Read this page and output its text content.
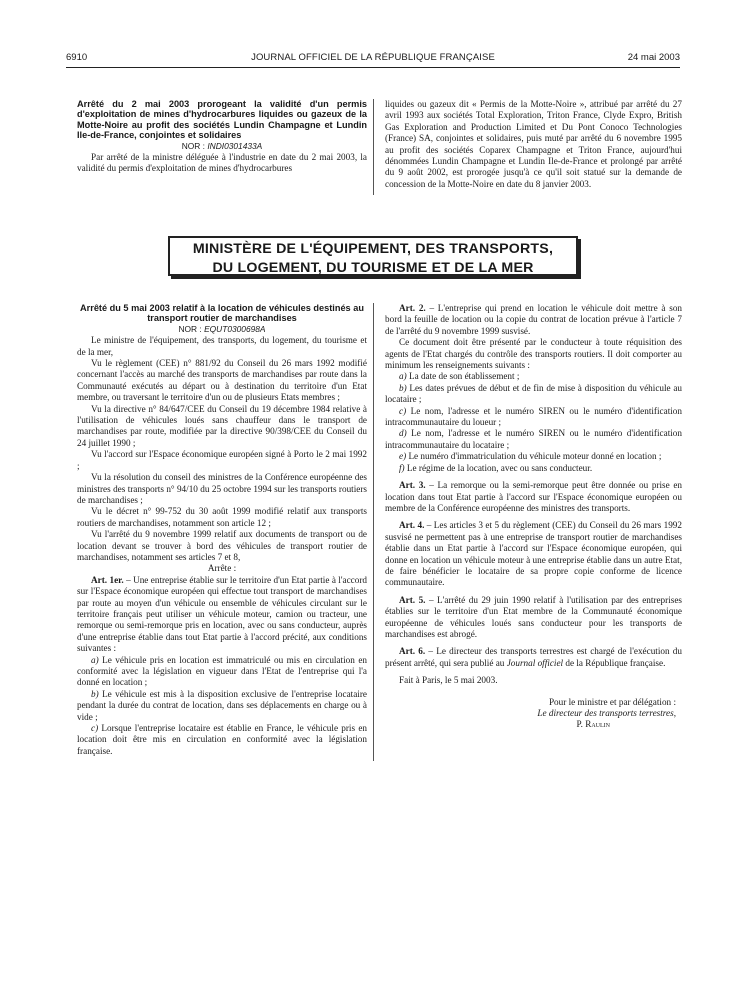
6910	JOURNAL OFFICIEL DE LA RÉPUBLIQUE FRANÇAISE	24 mai 2003

Arrêté du 2 mai 2003 prorogeant la validité d'un permis d'exploitation de mines d'hydrocarbures liquides ou gazeux de la Motte-Noire au profit des sociétés Lundin Champagne et Lundin Ile-de-France, conjointes et solidaires

NOR : INDI0301433A

Par arrêté de la ministre déléguée à l'industrie en date du 2 mai 2003, la validité du permis d'exploitation de mines d'hydrocarbures

liquides ou gazeux dit « Permis de la Motte-Noire », attribué par arrêté du 27 avril 1993 aux sociétés Total Exploration, Triton France, Clyde Expro, British Gas Exploration and Production Limited et Du Pont Conoco Technologies (France) SA, conjointes et solidaires, puis muté par arrêté du 6 novembre 1995 au profit des sociétés Coparex Champagne et Triton France, aujourd'hui dénommées Lundin Champagne et Lundin Ile-de-France et prolongé par arrêté du 9 août 2002, est prorogée jusqu'à ce qu'il soit statué sur la demande de concession de la Motte-Noire en date du 8 janvier 2003.

MINISTÈRE DE L'ÉQUIPEMENT, DES TRANSPORTS,
DU LOGEMENT, DU TOURISME ET DE LA MER

Arrêté du 5 mai 2003 relatif à la location de véhicules destinés au transport routier de marchandises

NOR : EQUT0300698A

Le ministre de l'équipement, des transports, du logement, du tourisme et de la mer,

Vu le règlement (CEE) n° 881/92 du Conseil du 26 mars 1992 modifié concernant l'accès au marché des transports de marchandises par route dans la Communauté exécutés au départ ou à destination du territoire d'un Etat membre, ou traversant le territoire d'un ou de plusieurs Etats membres ;

Vu la directive n° 84/647/CEE du Conseil du 19 décembre 1984 relative à l'utilisation de véhicules loués sans chauffeur dans le transport de marchandises par route, modifiée par la directive 90/398/CEE du Conseil du 24 juillet 1990 ;

Vu l'accord sur l'Espace économique européen signé à Porto le 2 mai 1992 ;

Vu la résolution du conseil des ministres de la Conférence européenne des ministres des transports n° 94/10 du 25 octobre 1994 sur les transports routiers de marchandises ;

Vu le décret n° 99-752 du 30 août 1999 modifié relatif aux transports routiers de marchandises, notamment son article 12 ;

Vu l'arrêté du 9 novembre 1999 relatif aux documents de transport ou de location devant se trouver à bord des véhicules de transport routier de marchandises, notamment ses articles 7 et 8,

Arrête :

Art. 1er. – Une entreprise établie sur le territoire d'un Etat partie à l'accord sur l'Espace économique européen qui effectue tout transport de marchandises par route au moyen d'un véhicule ou ensemble de véhicules circulant sur le territoire français peut utiliser un véhicule moteur, camion ou tracteur, une remorque ou semi-remorque pris en location, avec ou sans conducteur, auprès d'une entreprise établie dans tout Etat partie à l'accord précité, aux conditions suivantes :

a) Le véhicule pris en location est immatriculé ou mis en circulation en conformité avec la législation en vigueur dans l'Etat de l'entreprise qui l'a donné en location ;

b) Le véhicule est mis à la disposition exclusive de l'entreprise locataire pendant la durée du contrat de location, dans ses déplacements en charge ou à vide ;

c) Lorsque l'entreprise locataire est établie en France, le véhicule pris en location doit être mis en circulation en conformité avec la législation française.

Art. 2. – L'entreprise qui prend en location le véhicule doit mettre à son bord la feuille de location ou la copie du contrat de location prévue à l'article 7 de l'arrêté du 9 novembre 1999 susvisé.

Ce document doit être présenté par le conducteur à toute réquisition des agents de l'Etat chargés du contrôle des transports routiers. Il doit comporter au minimum les renseignements suivants :

a) La date de son établissement ;

b) Les dates prévues de début et de fin de mise à disposition du véhicule au locataire ;

c) Le nom, l'adresse et le numéro SIREN ou le numéro d'identification intracommunautaire du loueur ;

d) Le nom, l'adresse et le numéro SIREN ou le numéro d'identification intracommunautaire du locataire ;

e) Le numéro d'immatriculation du véhicule moteur donné en location ;

f) Le régime de la location, avec ou sans conducteur.

Art. 3. – La remorque ou la semi-remorque peut être donnée ou prise en location dans tout Etat partie à l'accord sur l'Espace économique européen ou membre de la Conférence européenne des ministres des transports.

Art. 4. – Les articles 3 et 5 du règlement (CEE) du Conseil du 26 mars 1992 susvisé ne permettent pas à une entreprise de transport routier de marchandises établie dans un Etat partie à l'accord sur l'Espace économique européen, qui donne en location un véhicule moteur à une entreprise établie dans un autre Etat, de faire bénéficier le locataire de sa propre copie conforme de licence communautaire.

Art. 5. – L'arrêté du 29 juin 1990 relatif à l'utilisation par des entreprises établies sur le territoire d'un Etat membre de la Communauté économique européenne de véhicules loués sans conducteur pour les transports de marchandises est abrogé.

Art. 6. – Le directeur des transports terrestres est chargé de l'exécution du présent arrêté, qui sera publié au Journal officiel de la République française.

Fait à Paris, le 5 mai 2003.

Pour le ministre et par délégation :

Le directeur des transports terrestres,

P. Raulin
